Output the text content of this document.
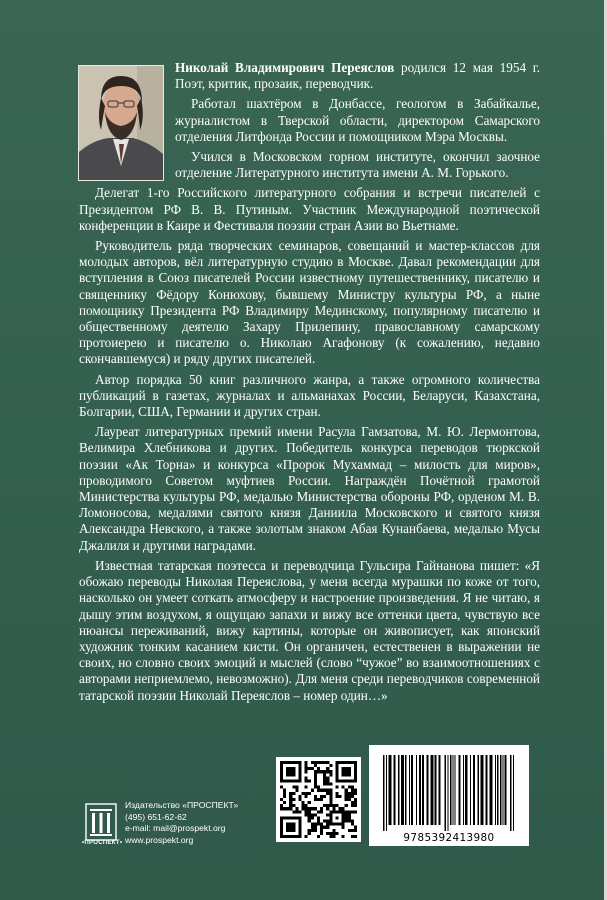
Николай Владимирович Переяслов родился 12 мая 1954 г. Поэт, критик, прозаик, переводчик.

Работал шахтёром в Донбассе, геологом в Забайкалье, журналистом в Тверской области, директором Самарского отделения Литфонда России и помощником Мэра Москвы.

Учился в Московском горном институте, окончил заочное отделение Литературного института имени А. М. Горького.

Делегат 1-го Российского литературного собрания и встречи писателей с Президентом РФ В. В. Путиным. Участник Международной поэтической конференции в Каире и Фестиваля поэзии стран Азии во Вьетнаме.

Руководитель ряда творческих семинаров, совещаний и мастер-классов для молодых авторов, вёл литературную студию в Москве. Давал рекомендации для вступления в Союз писателей России известному путешественнику, писателю и священнику Фёдору Конюхову, бывшему Министру культуры РФ, а ныне помощнику Президента РФ Владимиру Мединскому, популярному писателю и общественному деятелю Захару Прилепину, православному самарскому протоиерею и писателю о. Николаю Агафонову (к сожалению, недавно скончавшемуся) и ряду других писателей.

Автор порядка 50 книг различного жанра, а также огромного количества публикаций в газетах, журналах и альманахах России, Беларуси, Казахстана, Болгарии, США, Германии и других стран.

Лауреат литературных премий имени Расула Гамзатова, М. Ю. Лермонтова, Велимира Хлебникова и других. Победитель конкурса переводов тюркской поэзии «Ак Торна» и конкурса «Пророк Мухаммад – милость для миров», проводимого Советом муфтиев России. Награждён Почётной грамотой Министерства культуры РФ, медалью Министерства обороны РФ, орденом М. В. Ломоносова, медалями святого князя Даниила Московского и святого князя Александра Невского, а также золотым знаком Абая Кунанбаева, медалью Мусы Джалиля и другими наградами.

Известная татарская поэтесса и переводчица Гульсира Гайнанова пишет: «Я обожаю переводы Николая Переяслова, у меня всегда мурашки по коже от того, насколько он умеет соткать атмосферу и настроение произведения. Я не читаю, я дышу этим воздухом, я ощущаю запахи и вижу все оттенки цвета, чувствую все нюансы переживаний, вижу картины, которые он живописует, как японский художник тонким касанием кисти. Он органичен, естественен в выражении не своих, но словно своих эмоций и мыслей (слово “чужое” во взаимоотношениях с авторами неприемлемо, невозможно). Для меня среди переводчиков современной татарской поэзии Николай Переяслов – номер один…»

•ПРОСПЕКТ•
Издательство «ПРОСПЕКТ»
(495) 651-62-62
e-mail: mail@prospekt.org
www.prospekt.org	9785392413980
